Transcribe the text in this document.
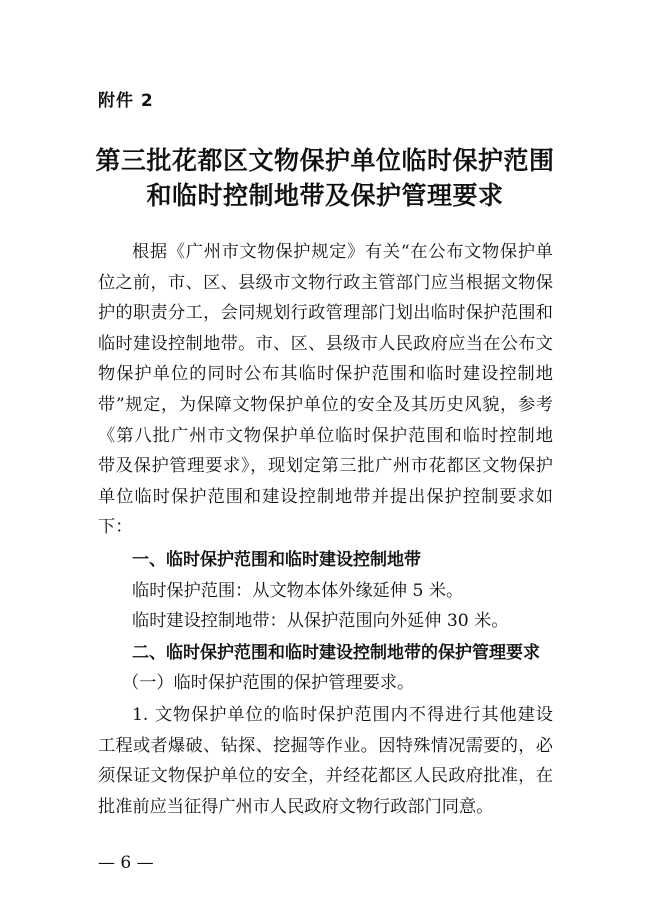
附件 2
第三批花都区文物保护单位临时保护范围
和临时控制地带及保护管理要求
根据《广州市文物保护规定》有关“在公布文物保护单
位之前，市、区、县级市文物行政主管部门应当根据文物保
护的职责分工，会同规划行政管理部门划出临时保护范围和
临时建设控制地带。市、区、县级市人民政府应当在公布文
物保护单位的同时公布其临时保护范围和临时建设控制地
带”规定，为保障文物保护单位的安全及其历史风貌，参考
《第八批广州市文物保护单位临时保护范围和临时控制地
带及保护管理要求》，现划定第三批广州市花都区文物保护
单位临时保护范围和建设控制地带并提出保护控制要求如
下：
一、临时保护范围和临时建设控制地带
临时保护范围：从文物本体外缘延伸 5 米。
临时建设控制地带：从保护范围向外延伸 30 米。
二、临时保护范围和临时建设控制地带的保护管理要求
（一）临时保护范围的保护管理要求。
1. 文物保护单位的临时保护范围内不得进行其他建设
工程或者爆破、钻探、挖掘等作业。因特殊情况需要的，必
须保证文物保护单位的安全，并经花都区人民政府批准，在
批准前应当征得广州市人民政府文物行政部门同意。
— 6 —
